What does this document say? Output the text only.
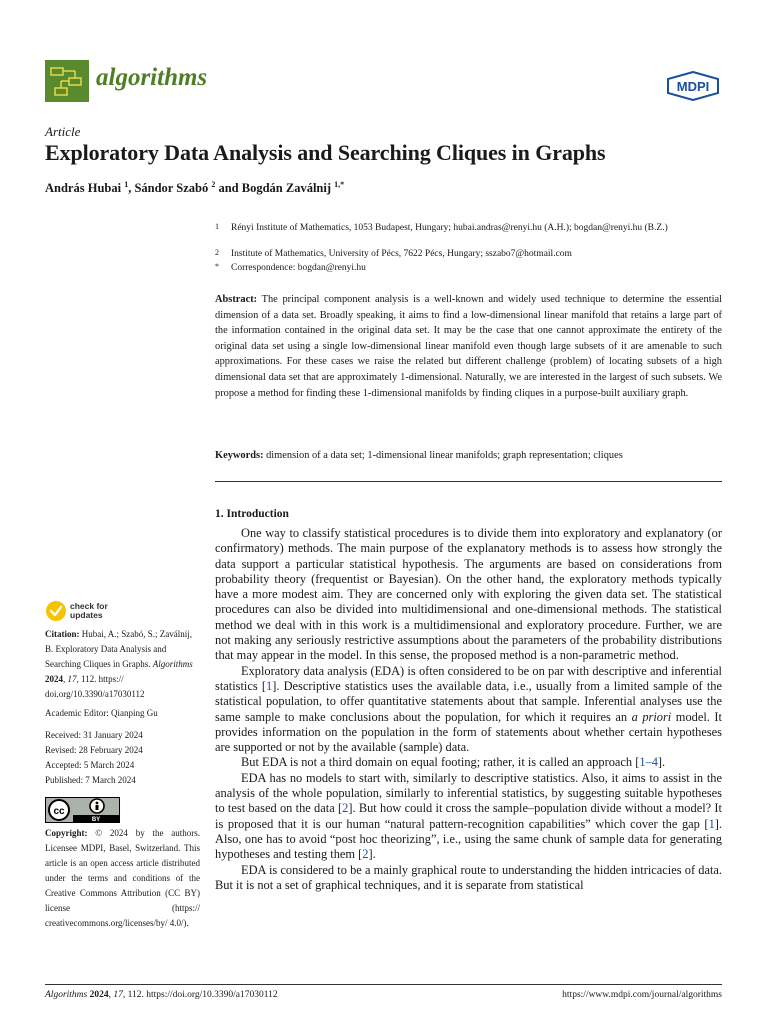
algorithms	MDPI
Article
Exploratory Data Analysis and Searching Cliques in Graphs
András Hubai $^1$, Sándor Szabó $^2$ and Bogdán Zaválnij $^{1,*}$
1 Rényi Institute of Mathematics, 1053 Budapest, Hungary; hubai.andras@renyi.hu (A.H.); bogdan@renyi.hu (B.Z.)
2 Institute of Mathematics, University of Pécs, 7622 Pécs, Hungary; sszabo7@hotmail.com
* Correspondence: bogdan@renyi.hu
Abstract: The principal component analysis is a well-known and widely used technique to determine the essential dimension of a data set. Broadly speaking, it aims to find a low-dimensional linear manifold that retains a large part of the information contained in the original data set. It may be the case that one cannot approximate the entirety of the original data set using a single low-dimensional linear manifold even though large subsets of it are amenable to such approximations. For these cases we raise the related but different challenge (problem) of locating subsets of a high dimensional data set that are approximately 1-dimensional. Naturally, we are interested in the largest of such subsets. We propose a method for finding these 1-dimensional manifolds by finding cliques in a purpose-built auxiliary graph.
Keywords: dimension of a data set; 1-dimensional linear manifolds; graph representation; cliques
1. Introduction

One way to classify statistical procedures is to divide them into exploratory and explanatory (or confirmatory) methods. The main purpose of the explanatory methods is to assess how strongly the data support a particular statistical hypothesis. The arguments are based on considerations from probability theory (frequentist or Bayesian). On the other hand, the exploratory methods typically have a more modest aim. They are concerned only with exploring the given data set. The statistical procedures can also be divided into multidimensional and one-dimensional methods. The statistical method we deal with in this work is a multidimensional and exploratory procedure. Further, we are not making any seriously restrictive assumptions about the parameters of the probability distributions that may appear in the model. In this sense, the proposed method is a non-parametric method.

Exploratory data analysis (EDA) is often considered to be on par with descriptive and inferential statistics [1]. Descriptive statistics uses the available data, i.e., usually from a limited sample of the statistical population, to offer quantitative statements about that sample. Inferential analyses use the same sample to make conclusions about the population, for which it requires an a priori model. It provides information on the population in the form of statements about whether certain hypotheses are supported or not by the available (sample) data.

But EDA is not a third domain on equal footing; rather, it is called an approach [1–4].

EDA has no models to start with, similarly to descriptive statistics. Also, it aims to assist in the analysis of the whole population, similarly to inferential statistics, by suggesting suitable hypotheses to test based on the data [2]. But how could it cross the sample–population divide without a model? It is proposed that it is our human “natural pattern-recognition capabilities” which cover the gap [1]. Also, one has to avoid “post hoc theorizing”, i.e., using the same chunk of sample data for generating hypotheses and testing them [2].

EDA is considered to be a mainly graphical route to understanding the hidden intricacies of data. But it is not a set of graphical techniques, and it is separate from statistical

check for
updates
Citation: Hubai, A.; Szabó, S.; Zaválnij, B. Exploratory Data Analysis and Searching Cliques in Graphs. Algorithms 2024, 17, 112. https:// doi.org/10.3390/a17030112
Academic Editor: Qianping Gu
Received: 31 January 2024
Revised: 28 February 2024
Accepted: 5 March 2024
Published: 7 March 2024
cc
BY
Copyright: © 2024 by the authors. Licensee MDPI, Basel, Switzerland. This article is an open access article distributed under the terms and conditions of the Creative Commons Attribution (CC BY) license (https:// creativecommons.org/licenses/by/ 4.0/).
Algorithms 2024, 17, 112. https://doi.org/10.3390/a17030112	https://www.mdpi.com/journal/algorithms
